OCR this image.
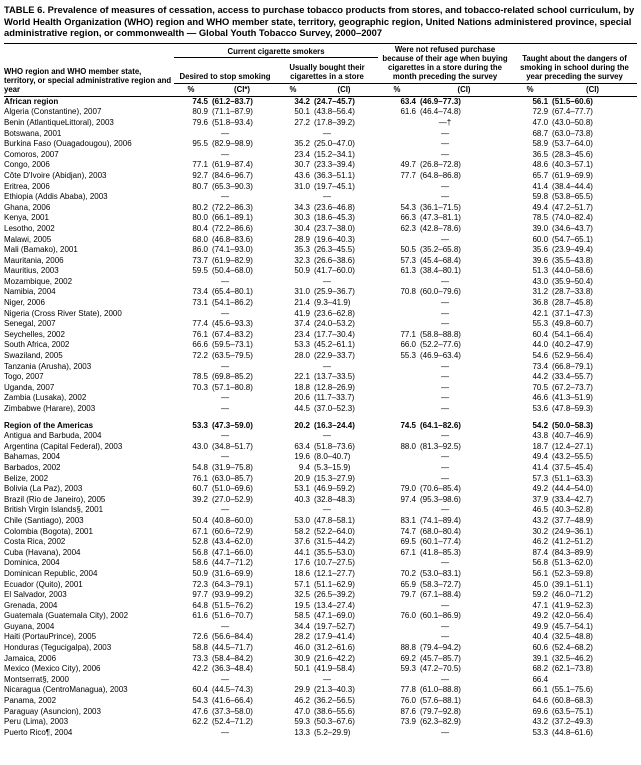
TABLE 6. Prevalence of measures of cessation, access to purchase tobacco products from stores, and tobacco-related school curriculum, by World Health Organization (WHO) region and WHO member state, territory, geographic region, United Nations administered province, special administrative region, or commonwealth — Global Youth Tobacco Survey, 2000–2007
WHO region and WHO member state, territory, or special administrative region and year	Current cigarette smokers				Were not refused purchase because of their age when buying cigarettes in a store during the month preceding the survey		Taught about the dangers of smoking in school during the year preceding the survey	
	Desired to stop smoking		Usually bought their cigarettes in a store					
	%	(CI*)	%	(CI)	%	(CI)	%	(CI)
African region	74.5	(61.2–83.7)	34.2	(24.7–45.7)	63.4	(46.9–77.3)	56.1	(51.5–60.6)
Algeria (Constantine), 2007	80.9	(71.1–87.9)	50.1	(43.8–56.4)	61.6	(46.4–74.8)	72.9	(67.4–77.7)
Benin (AtlantiqueLittoral), 2003	79.6	(51.8–93.4)	27.2	(17.8–39.2)	—†		47.0	(43.0–50.8)
Botswana, 2001	—		—		—		68.7	(63.0–73.8)
Burkina Faso (Ouagadougou), 2006	95.5	(82.9–98.9)	35.2	(25.0–47.0)	—		58.9	(53.7–64.0)
Comoros, 2007	—		23.4	(15.2–34.1)	—		36.5	(28.3–45.6)
Congo, 2006	77.1	(61.9–87.4)	30.7	(23.3–39.4)	49.7	(26.8–72.8)	48.6	(40.3–57.1)
Côte D'Ivoire (Abidjan), 2003	92.7	(84.6–96.7)	43.6	(36.3–51.1)	77.7	(64.8–86.8)	65.7	(61.9–69.9)
Eritrea, 2006	80.7	(65.3–90.3)	31.0	(19.7–45.1)	—		41.4	(38.4–44.4)
Ethiopia (Addis Ababa), 2003	—		—		—		59.8	(53.8–65.5)
Ghana, 2006	80.2	(72.2–86.3)	34.3	(23.6–46.8)	54.3	(36.1–71.5)	49.4	(47.2–51.7)
Kenya, 2001	80.0	(66.1–89.1)	30.3	(18.6–45.3)	66.3	(47.3–81.1)	78.5	(74.0–82.4)
Lesotho, 2002	80.4	(72.2–86.6)	30.4	(23.7–38.0)	62.3	(42.8–78.6)	39.0	(34.6–43.7)
Malawi, 2005	68.0	(46.8–83.6)	28.9	(19.6–40.3)	—		60.0	(54.7–65.1)
Mali (Bamako), 2001	86.0	(74.1–93.0)	35.3	(26.3–45.5)	50.5	(35.2–65.8)	35.6	(23.9–49.4)
Mauritania, 2006	73.7	(61.9–82.9)	32.3	(26.6–38.6)	57.3	(45.4–68.4)	39.6	(35.5–43.8)
Mauritius, 2003	59.5	(50.4–68.0)	50.9	(41.7–60.0)	61.3	(38.4–80.1)	51.3	(44.0–58.6)
Mozambique, 2002	—		—		—		43.0	(35.9–50.4)
Namibia, 2004	73.4	(65.4–80.1)	31.0	(25.9–36.7)	70.8	(60.0–79.6)	31.2	(28.7–33.8)
Niger, 2006	73.1	(54.1–86.2)	21.4	(9.3–41.9)	—		36.8	(28.7–45.8)
Nigeria (Cross River State), 2000	—		41.9	(23.6–62.8)	—		42.1	(37.1–47.3)
Senegal, 2007	77.4	(45.6–93.3)	37.4	(24.0–53.2)	—		55.3	(49.8–60.7)
Seychelles, 2002	76.1	(67.4–83.2)	23.4	(17.7–30.4)	77.1	(58.8–88.8)	60.4	(54.1–66.4)
South Africa, 2002	66.6	(59.5–73.1)	53.3	(45.2–61.1)	66.0	(52.2–77.6)	44.0	(40.2–47.9)
Swaziland, 2005	72.2	(63.5–79.5)	28.0	(22.9–33.7)	55.3	(46.9–63.4)	54.6	(52.9–56.4)
Tanzania (Arusha), 2003	—		—		—		73.4	(66.8–79.1)
Togo, 2007	78.5	(69.8–85.2)	22.1	(13.7–33.5)	—		44.2	(33.4–55.7)
Uganda, 2007	70.3	(57.1–80.8)	18.8	(12.8–26.9)	—		70.5	(67.2–73.7)
Zambia (Lusaka), 2002	—		20.6	(11.7–33.7)	—		46.6	(41.3–51.9)
Zimbabwe (Harare), 2003	—		44.5	(37.0–52.3)	—		53.6	(47.8–59.3)

Region of the Americas	53.3	(47.3–59.0)	20.2	(16.3–24.4)	74.5	(64.1–82.6)	54.2	(50.0–58.3)
Antigua and Barbuda, 2004	—		—		—		43.8	(40.7–46.9)
Argentina (Capital Federal), 2003	43.0	(34.8–51.7)	63.4	(51.8–73.6)	88.0	(81.3–92.5)	18.7	(12.4–27.1)
Bahamas, 2004	—		19.6	(8.0–40.7)	—		49.4	(43.2–55.5)
Barbados, 2002	54.8	(31.9–75.8)	9.4	(5.3–15.9)	—		41.4	(37.5–45.4)
Belize, 2002	76.1	(63.0–85.7)	20.9	(15.3–27.9)	—		57.3	(51.1–63.3)
Bolivia (La Paz), 2003	60.7	(51.0–69.6)	53.1	(46.9–59.2)	79.0	(70.6–85.4)	49.2	(44.4–54.0)
Brazil (Rio de Janeiro), 2005	39.2	(27.0–52.9)	40.3	(32.8–48.3)	97.4	(95.3–98.6)	37.9	(33.4–42.7)
British Virgin Islands§, 2001	—		—		—		46.5	(40.3–52.8)
Chile (Santiago), 2003	50.4	(40.8–60.0)	53.0	(47.8–58.1)	83.1	(74.1–89.4)	43.2	(37.7–48.9)
Colombia (Bogota), 2001	67.1	(60.6–72.9)	58.2	(52.2–64.0)	74.7	(68.0–80.4)	30.2	(24.9–36.1)
Costa Rica, 2002	52.8	(43.4–62.0)	37.6	(31.5–44.2)	69.5	(60.1–77.4)	46.2	(41.2–51.2)
Cuba (Havana), 2004	56.8	(47.1–66.0)	44.1	(35.5–53.0)	67.1	(41.8–85.3)	87.4	(84.3–89.9)
Dominica, 2004	58.6	(44.7–71.2)	17.6	(10.7–27.5)	—		56.8	(51.3–62.0)
Dominican Republic, 2004	50.9	(31.6–69.9)	18.6	(12.1–27.7)	70.2	(53.0–83.1)	56.1	(52.3–59.8)
Ecuador (Quito), 2001	72.3	(64.3–79.1)	57.1	(51.1–62.9)	65.9	(58.3–72.7)	45.0	(39.1–51.1)
El Salvador, 2003	97.7	(93.9–99.2)	32.5	(26.5–39.2)	79.7	(67.1–88.4)	59.2	(46.0–71.2)
Grenada, 2004	64.8	(51.5–76.2)	19.5	(13.4–27.4)	—		47.1	(41.9–52.3)
Guatemala (Guatemala City), 2002	61.6	(51.6–70.7)	58.5	(47.1–69.0)	76.0	(60.1–86.9)	49.2	(42.0–56.4)
Guyana, 2004	—		34.4	(19.7–52.7)	—		49.9	(45.7–54.1)
Haiti (PortauPrince), 2005	72.6	(56.6–84.4)	28.2	(17.9–41.4)	—		40.4	(32.5–48.8)
Honduras (Tegucigalpa), 2003	58.8	(44.5–71.7)	46.0	(31.2–61.6)	88.8	(79.4–94.2)	60.6	(52.4–68.2)
Jamaica, 2006	73.3	(58.4–84.2)	30.9	(21.6–42.2)	69.2	(45.7–85.7)	39.1	(32.5–46.2)
Mexico (Mexico City), 2006	42.2	(36.3–48.4)	50.1	(41.9–58.4)	59.3	(47.2–70.5)	68.2	(62.1–73.8)
Montserrat§, 2000	—		—		—		66.4	
Nicaragua (CentroManagua), 2003	60.4	(44.5–74.3)	29.9	(21.3–40.3)	77.8	(61.0–88.8)	66.1	(55.1–75.6)
Panama, 2002	54.3	(41.6–66.4)	46.2	(36.2–56.5)	76.0	(57.6–88.1)	64.6	(60.8–68.3)
Paraguay (Asuncion), 2003	47.6	(37.3–58.0)	47.0	(38.6–55.6)	87.6	(79.7–92.8)	69.6	(63.5–75.1)
Peru (Lima), 2003	62.2	(52.4–71.2)	59.3	(50.3–67.6)	73.9	(62.3–82.9)	43.2	(37.2–49.3)
Puerto Rico¶, 2004	—		13.3	(5.2–29.9)	—		53.3	(44.8–61.6)
